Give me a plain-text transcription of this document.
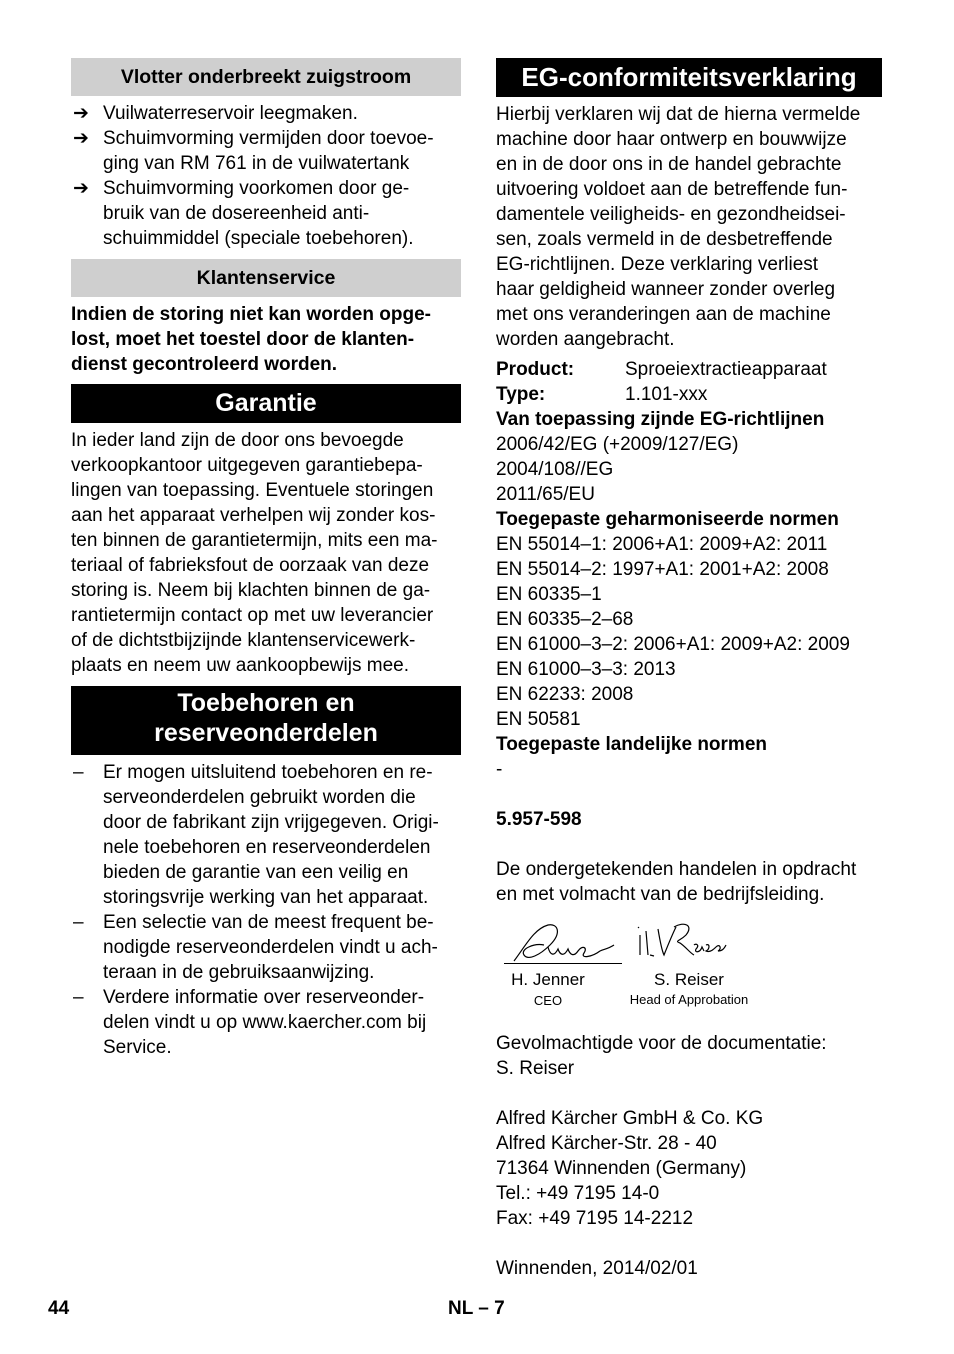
Vlotter onderbreekt zuigstroom
➔ Vuilwaterreservoir leegmaken.
➔ Schuimvorming vermijden door toevoe-
ging van RM 761 in de vuilwatertank
➔ Schuimvorming voorkomen door ge-
bruik van de dosereenheid anti-
schuimmiddel (speciale toebehoren).
Klantenservice
Indien de storing niet kan worden opge-
lost, moet het toestel door de klanten-
dienst gecontroleerd worden.
Garantie
In ieder land zijn de door ons bevoegde
verkoopkantoor uitgegeven garantiebepa-
lingen van toepassing. Eventuele storingen
aan het apparaat verhelpen wij zonder kos-
ten binnen de garantietermijn, mits een ma-
teriaal of fabrieksfout de oorzaak van deze
storing is. Neem bij klachten binnen de ga-
rantietermijn contact op met uw leverancier
of de dichtstbijzijnde klantenservicewerk-
plaats en neem uw aankoopbewijs mee.
Toebehoren en
reserveonderdelen
– Er mogen uitsluitend toebehoren en re-
serveonderdelen gebruikt worden die
door de fabrikant zijn vrijgegeven. Origi-
nele toebehoren en reserveonderdelen
bieden de garantie van een veilig en
storingsvrije werking van het apparaat.
– Een selectie van de meest frequent be-
nodigde reserveonderdelen vindt u ach-
teraan in de gebruiksaanwijzing.
– Verdere informatie over reserveonder-
delen vindt u op www.kaercher.com bij
Service.
EG-conformiteitsverklaring
Hierbij verklaren wij dat de hierna vermelde
machine door haar ontwerp en bouwwijze
en in de door ons in de handel gebrachte
uitvoering voldoet aan de betreffende fun-
damentele veiligheids- en gezondheidsei-
sen, zoals vermeld in de desbetreffende
EG-richtlijnen. Deze verklaring verliest
haar geldigheid wanneer zonder overleg
met ons veranderingen aan de machine
worden aangebracht.
Product:	Sproeiextractieapparaat
Type:	1.101-xxx
Van toepassing zijnde EG-richtlijnen
2006/42/EG (+2009/127/EG)
2004/108//EG
2011/65/EU
Toegepaste geharmoniseerde normen
EN 55014–1: 2006+A1: 2009+A2: 2011
EN 55014–2: 1997+A1: 2001+A2: 2008
EN 60335–1
EN 60335–2–68
EN 61000–3–2: 2006+A1: 2009+A2: 2009
EN 61000–3–3: 2013
EN 62233: 2008
EN 50581
Toegepaste landelijke normen
-
5.957-598
De ondergetekenden handelen in opdracht
en met volmacht van de bedrijfsleiding.
H. Jenner
CEO
S. Reiser
Head of Approbation
Gevolmachtigde voor de documentatie:
S. Reiser
Alfred Kärcher GmbH & Co. KG
Alfred Kärcher-Str. 28 - 40
71364 Winnenden (Germany)
Tel.: +49 7195 14-0
Fax: +49 7195 14-2212
Winnenden, 2014/02/01
44	NL – 7
